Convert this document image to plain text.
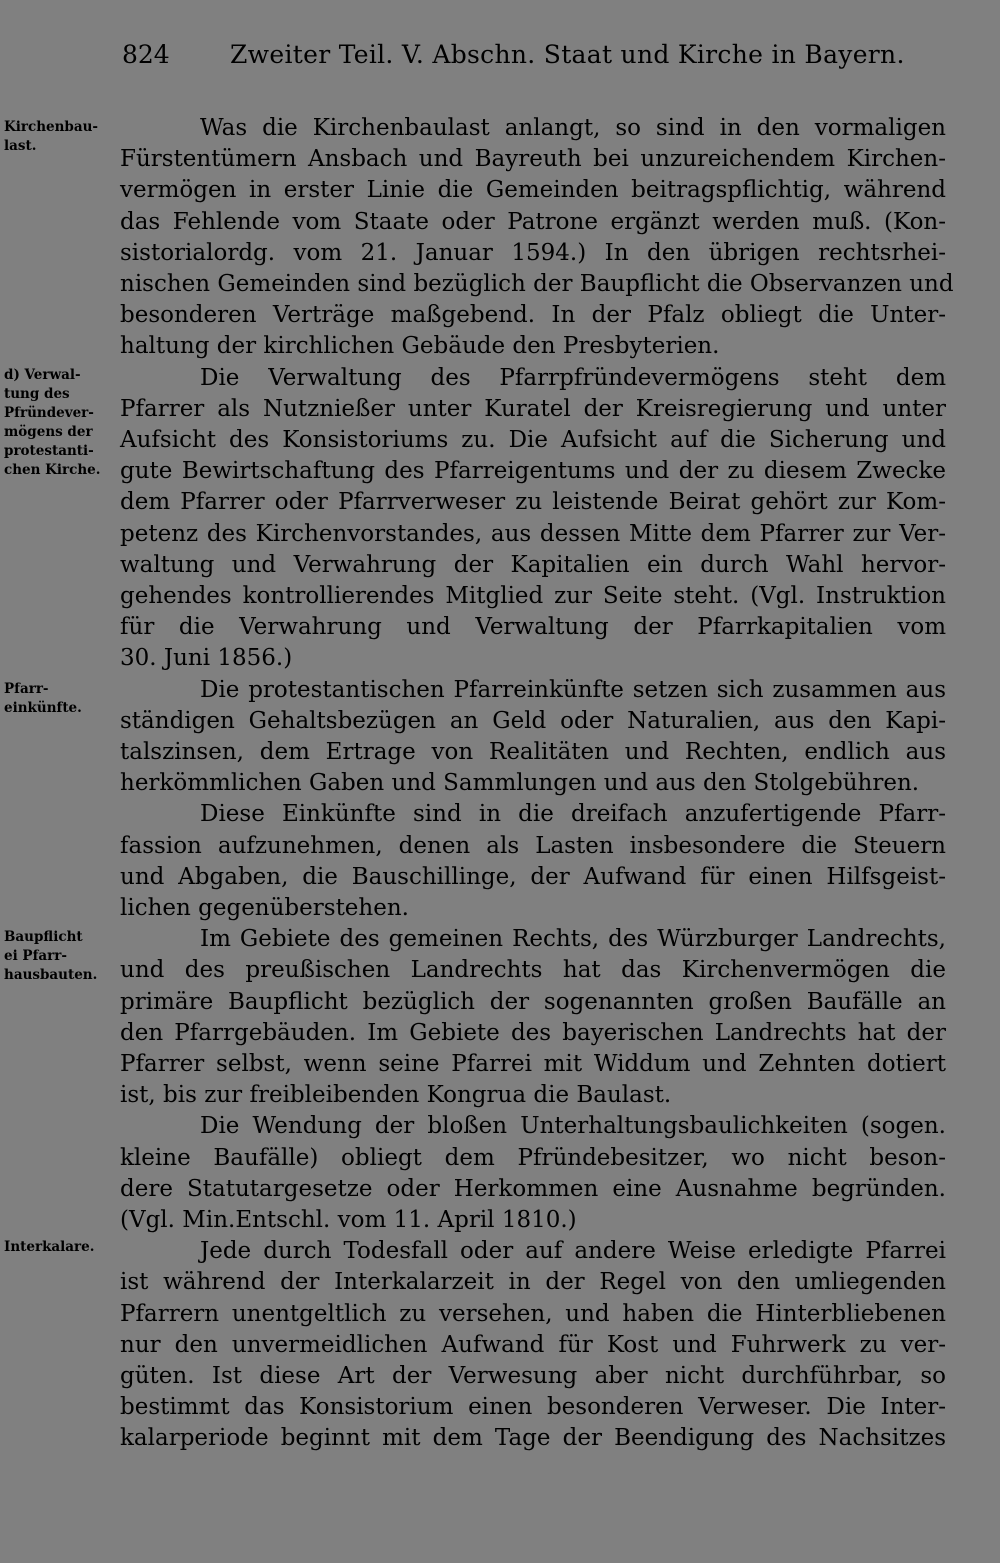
824 Zweiter Teil. V. Abschn. Staat und Kirche in Bayern.
Kirchenbau-
last.
d) Verwal-
tung des
Pfründever-
mögens der
protestanti-
chen Kirche.
Pfarr-
einkünfte.
Baupflicht
ei Pfarr-
hausbauten.
Interkalare.
Was die Kirchenbaulast anlangt, so sind in den vormaligen
Fürstentümern Ansbach und Bayreuth bei unzureichendem Kirchen-
vermögen in erster Linie die Gemeinden beitragspflichtig, während
das Fehlende vom Staate oder Patrone ergänzt werden muß. (Kon-
sistorialordg. vom 21. Januar 1594.) In den übrigen rechtsrhei-
nischen Gemeinden sind bezüglich der Baupflicht die Observanzen und
besonderen Verträge maßgebend. In der Pfalz obliegt die Unter-
haltung der kirchlichen Gebäude den Presbyterien.
Die Verwaltung des Pfarrpfründevermögens steht dem
Pfarrer als Nutznießer unter Kuratel der Kreisregierung und unter
Aufsicht des Konsistoriums zu. Die Aufsicht auf die Sicherung und
gute Bewirtschaftung des Pfarreigentums und der zu diesem Zwecke
dem Pfarrer oder Pfarrverweser zu leistende Beirat gehört zur Kom-
petenz des Kirchenvorstandes, aus dessen Mitte dem Pfarrer zur Ver-
waltung und Verwahrung der Kapitalien ein durch Wahl hervor-
gehendes kontrollierendes Mitglied zur Seite steht. (Vgl. Instruktion
für die Verwahrung und Verwaltung der Pfarrkapitalien vom
30. Juni 1856.)
Die protestantischen Pfarreinkünfte setzen sich zusammen aus
ständigen Gehaltsbezügen an Geld oder Naturalien, aus den Kapi-
talszinsen, dem Ertrage von Realitäten und Rechten, endlich aus
herkömmlichen Gaben und Sammlungen und aus den Stolgebühren.
Diese Einkünfte sind in die dreifach anzufertigende Pfarr-
fassion aufzunehmen, denen als Lasten insbesondere die Steuern
und Abgaben, die Bauschillinge, der Aufwand für einen Hilfsgeist-
lichen gegenüberstehen.
Im Gebiete des gemeinen Rechts, des Würzburger Landrechts,
und des preußischen Landrechts hat das Kirchenvermögen die
primäre Baupflicht bezüglich der sogenannten großen Baufälle an
den Pfarrgebäuden. Im Gebiete des bayerischen Landrechts hat der
Pfarrer selbst, wenn seine Pfarrei mit Widdum und Zehnten dotiert
ist, bis zur freibleibenden Kongrua die Baulast.
Die Wendung der bloßen Unterhaltungsbaulichkeiten (sogen.
kleine Baufälle) obliegt dem Pfründebesitzer, wo nicht beson-
dere Statutargesetze oder Herkommen eine Ausnahme begründen.
(Vgl. Min.Entschl. vom 11. April 1810.)
Jede durch Todesfall oder auf andere Weise erledigte Pfarrei
ist während der Interkalarzeit in der Regel von den umliegenden
Pfarrern unentgeltlich zu versehen, und haben die Hinterbliebenen
nur den unvermeidlichen Aufwand für Kost und Fuhrwerk zu ver-
güten. Ist diese Art der Verwesung aber nicht durchführbar, so
bestimmt das Konsistorium einen besonderen Verweser. Die Inter-
kalarperiode beginnt mit dem Tage der Beendigung des Nachsitzes
